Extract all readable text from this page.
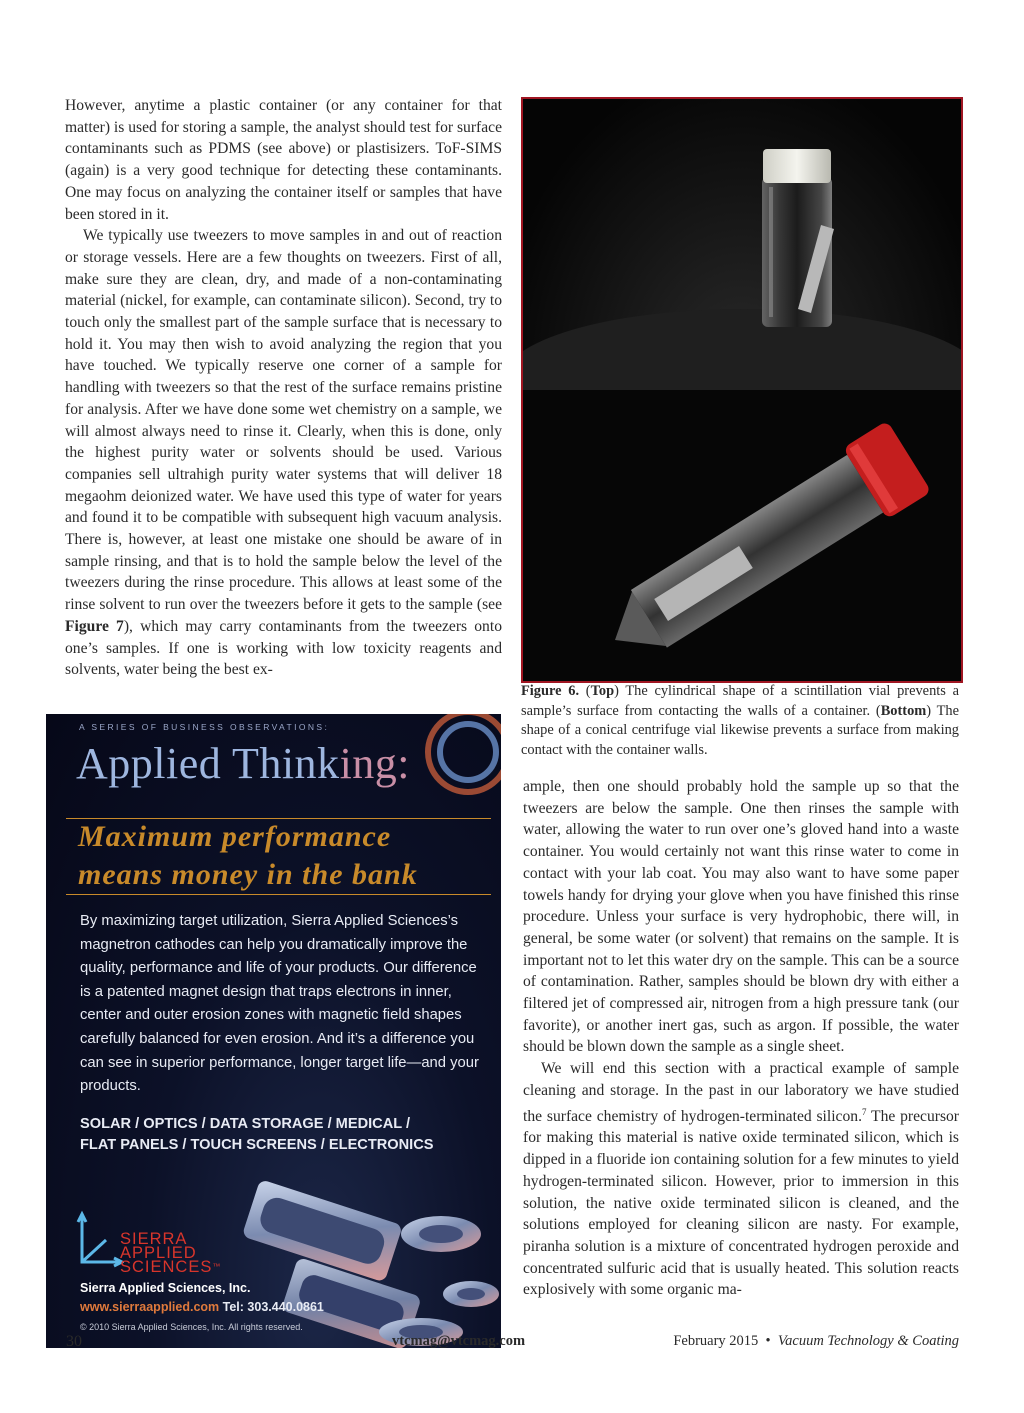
However, anytime a plastic container (or any container for that matter) is used for storing a sample, the analyst should test for surface contaminants such as PDMS (see above) or plastisizers. ToF-SIMS (again) is a very good technique for detecting these contaminants. One may focus on analyzing the container itself or samples that have been stored in it.

We typically use tweezers to move samples in and out of reaction or storage vessels. Here are a few thoughts on tweezers. First of all, make sure they are clean, dry, and made of a non-contaminating material (nickel, for example, can contaminate silicon). Second, try to touch only the smallest part of the sample surface that is necessary to hold it. You may then wish to avoid analyzing the region that you have touched. We typically reserve one corner of a sample for handling with tweezers so that the rest of the surface remains pristine for analysis. After we have done some wet chemistry on a sample, we will almost always need to rinse it. Clearly, when this is done, only the highest purity water or solvents should be used. Various companies sell ultrahigh purity water systems that will deliver 18 megaohm deionized water. We have used this type of water for years and found it to be compatible with subsequent high vacuum analysis. There is, however, at least one mistake one should be aware of in sample rinsing, and that is to hold the sample below the level of the tweezers during the rinse procedure. This allows at least some of the rinse solvent to run over the tweezers before it gets to the sample (see Figure 7), which may carry contaminants from the tweezers onto one’s samples. If one is working with low toxicity reagents and solvents, water being the best ex-

Figure 6. (Top) The cylindrical shape of a scintillation vial prevents a sample’s surface from contacting the walls of a container. (Bottom) The shape of a conical centrifuge vial likewise prevents a surface from making contact with the container walls.

ample, then one should probably hold the sample up so that the tweezers are below the sample. One then rinses the sample with water, allowing the water to run over one’s gloved hand into a waste container. You would certainly not want this rinse water to come in contact with your lab coat. You may also want to have some paper towels handy for drying your glove when you have finished this rinse procedure. Unless your surface is very hydrophobic, there will, in general, be some water (or solvent) that remains on the sample. It is important not to let this water dry on the sample. This can be a source of contamination. Rather, samples should be blown dry with either a filtered jet of compressed air, nitrogen from a high pressure tank (our favorite), or another inert gas, such as argon. If possible, the water should be blown down the sample as a single sheet.

We will end this section with a practical example of sample cleaning and storage. In the past in our laboratory we have studied the surface chemistry of hydrogen-terminated silicon.$^7$ The precursor for making this material is native oxide terminated silicon, which is dipped in a fluoride ion containing solution for a few minutes to yield hydrogen-terminated silicon. However, prior to immersion in this solution, the native oxide terminated silicon is cleaned, and the solutions employed for cleaning silicon are nasty. For example, piranha solution is a mixture of concentrated hydrogen peroxide and concentrated sulfuric acid that is usually heated. This solution reacts explosively with some organic ma-

A SERIES OF BUSINESS OBSERVATIONS:
Applied Thinking:
Maximum performance
means money in the bank
By maximizing target utilization, Sierra Applied Sciences’s magnetron cathodes can help you dramatically improve the quality, performance and life of your products. Our difference is a patented magnet design that traps electrons in inner, center and outer erosion zones with magnetic field shapes carefully balanced for even erosion. And it’s a difference you can see in superior performance, longer target life—and your products.
SOLAR / OPTICS / DATA STORAGE / MEDICAL /
FLAT PANELS / TOUCH SCREENS / ELECTRONICS
SIERRA
APPLIED
SCIENCES™
Sierra Applied Sciences, Inc.
www.sierraapplied.com Tel: 303.440.0861
© 2010 Sierra Applied Sciences, Inc. All rights reserved.
30	vtcmag@vtcmag.com	February 2015  •  Vacuum Technology & Coating
